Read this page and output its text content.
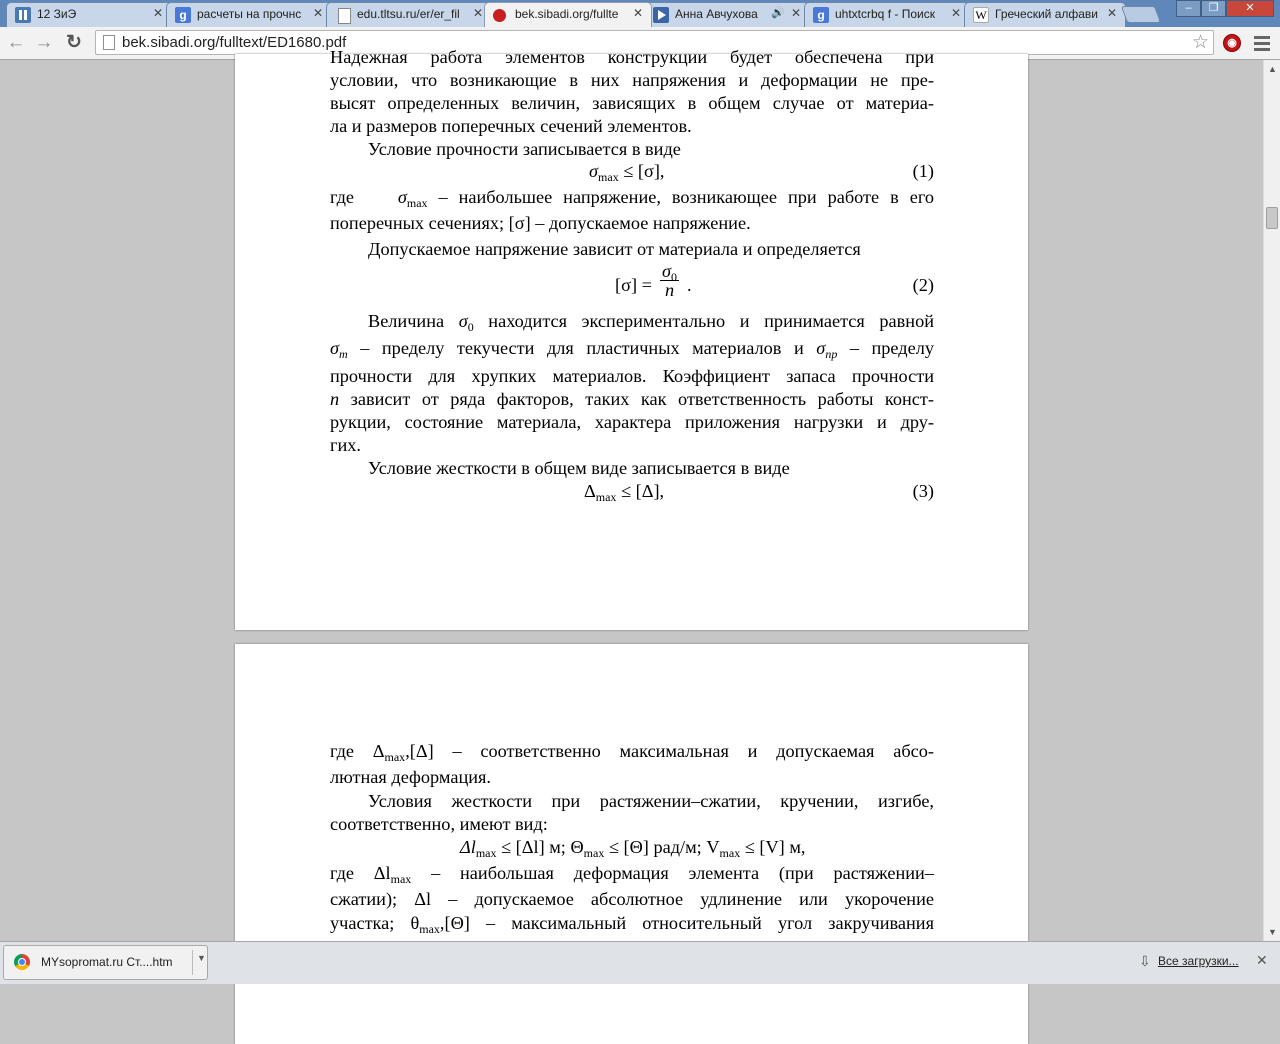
12 ЗиЭ	✕	g расчеты на прочнс ✕	edu.tltsu.ru/er/er_fil ✕	bek.sibadi.org/fullte	✕	Анна Авчухова	🔊 ✕	g uhtxtcrbq f - Поиск	✕ W Греческий алфави ✕	–	❐	✕
← → ↻	bek.sibadi.org/fulltext/ED1680.pdf	☆	◉
Надежная работа элементов конструкции будет обеспечена при
условии, что возникающие в них напряжения и деформации не пре-
высят определенных величин, зависящих в общем случае от материа-
ла и размеров поперечных сечений элементов.
Условие прочности записывается в виде
$\sigma_{max} \le [\sigma]$,	(1)
где $\sigma_{max}$ – наибольшее напряжение, возникающее при работе в его
поперечных сечениях; [σ] – допускаемое напряжение.
Допускаемое напряжение зависит от материала и определяется
$[\sigma] = \frac{\sigma_0}{n}$ .	(2)
Величина $\sigma_0$ находится экспериментально и принимается равной
$\sigma_т$ – пределу текучести для пластичных материалов и $\sigma_{пр}$ – пределу
прочности для хрупких материалов. Коэффициент запаса прочности
n зависит от ряда факторов, таких как ответственность работы конст-
рукции, состояние материала, характера приложения нагрузки и дру-
гих.
Условие жесткости в общем виде записывается в виде
$\Delta_{max} \le [\Delta]$,	(3)
где $\Delta_{max},[\Delta]$ – соответственно максимальная и допускаемая абсо-
лютная деформация.
Условия жесткости при растяжении–сжатии, кручении, изгибе,
соответственно, имеют вид:
$\Delta l_{max} \le [\Delta l]$ м; $\Theta_{max} \le [\Theta]$ рад/м; $V_{max} \le [V]$ м,
где $\Delta l_{max}$ – наибольшая деформация элемента (при растяжении–
сжатии); Δl – допускаемое абсолютное удлинение или укорочение
участка; $\theta_{max},[\Theta]$ – максимальный относительный угол закручивания
▲
▼
MYsopromat.ru Ст....htm	▼	⇩ Все загрузки... ✕
